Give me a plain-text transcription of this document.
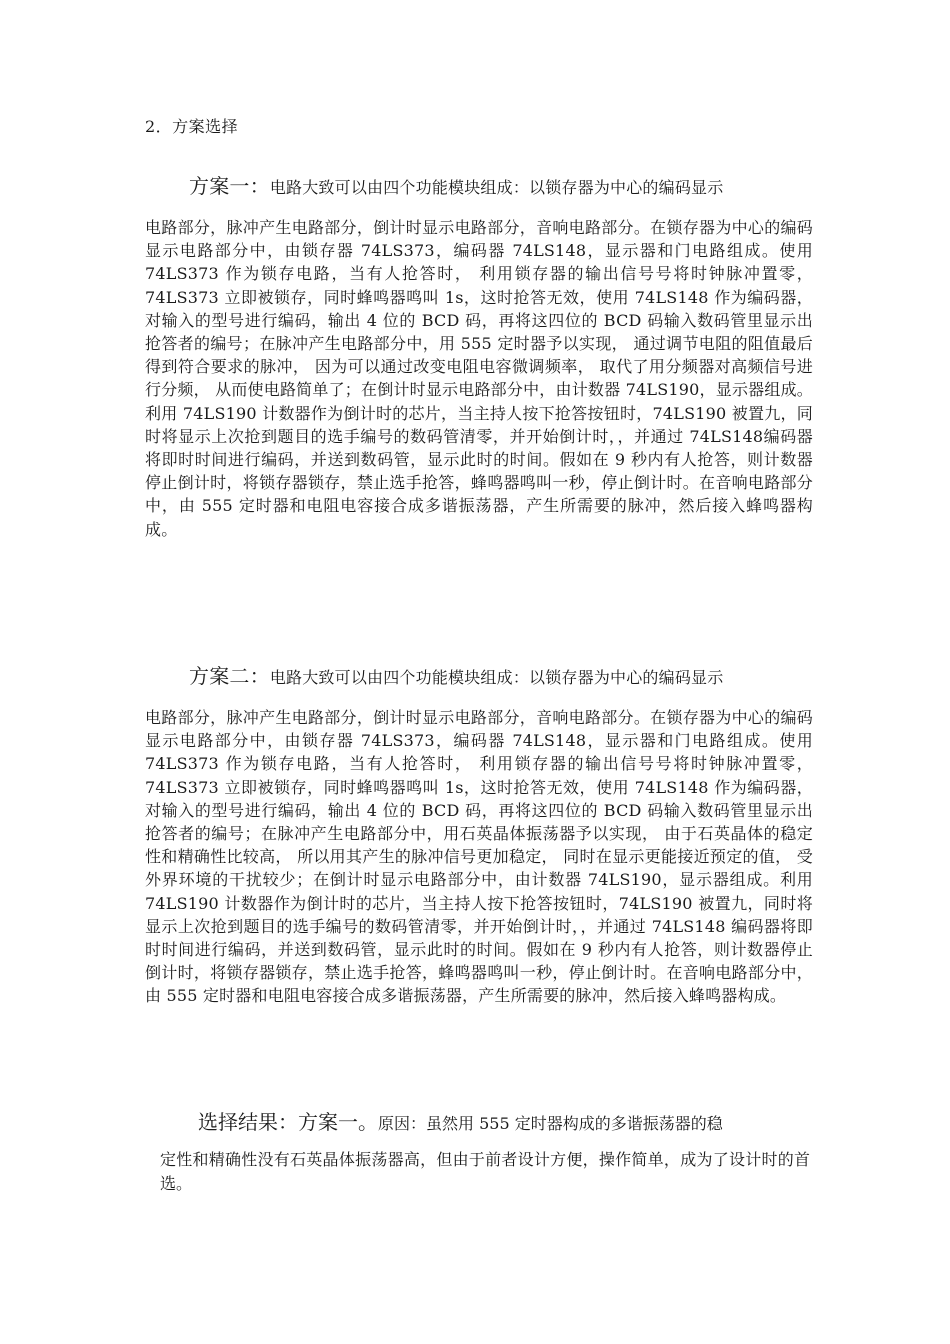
2．方案选择
方案一：电路大致可以由四个功能模块组成：以锁存器为中心的编码显示
电路部分，脉冲产生电路部分，倒计时显示电路部分，音响电路部分。在锁存器为中心的编码显示电路部分中，由锁存器 74LS373，编码器 74LS148，显示器和门电路组成。使用 74LS373 作为锁存电路，当有人抢答时， 利用锁存器的输出信号号将时钟脉冲置零，74LS373 立即被锁存，同时蜂鸣器鸣叫 1s，这时抢答无效，使用 74LS148 作为编码器，对输入的型号进行编码，输出 4 位的 BCD 码，再将这四位的 BCD 码输入数码管里显示出抢答者的编号；在脉冲产生电路部分中，用 555 定时器予以实现， 通过调节电阻的阻值最后得到符合要求的脉冲， 因为可以通过改变电阻电容微调频率， 取代了用分频器对高频信号进行分频， 从而使电路简单了；在倒计时显示电路部分中，由计数器 74LS190，显示器组成。利用 74LS190 计数器作为倒计时的芯片，当主持人按下抢答按钮时，74LS190 被置九，同时将显示上次抢到题目的选手编号的数码管清零，并开始倒计时，，并通过 74LS148编码器将即时时间进行编码，并送到数码管，显示此时的时间。假如在 9 秒内有人抢答，则计数器停止倒计时，将锁存器锁存，禁止选手抢答，蜂鸣器鸣叫一秒，停止倒计时。在音响电路部分中，由 555 定时器和电阻电容接合成多谐振荡器，产生所需要的脉冲，然后接入蜂鸣器构成。
方案二：电路大致可以由四个功能模块组成：以锁存器为中心的编码显示
电路部分，脉冲产生电路部分，倒计时显示电路部分，音响电路部分。在锁存器为中心的编码显示电路部分中，由锁存器 74LS373，编码器 74LS148，显示器和门电路组成。使用 74LS373 作为锁存电路，当有人抢答时， 利用锁存器的输出信号号将时钟脉冲置零，74LS373 立即被锁存，同时蜂鸣器鸣叫 1s，这时抢答无效，使用 74LS148 作为编码器，对输入的型号进行编码，输出 4 位的 BCD 码，再将这四位的 BCD 码输入数码管里显示出抢答者的编号；在脉冲产生电路部分中，用石英晶体振荡器予以实现， 由于石英晶体的稳定性和精确性比较高， 所以用其产生的脉冲信号更加稳定， 同时在显示更能接近预定的值， 受外界环境的干扰较少；在倒计时显示电路部分中，由计数器 74LS190，显示器组成。利用 74LS190 计数器作为倒计时的芯片，当主持人按下抢答按钮时，74LS190 被置九，同时将显示上次抢到题目的选手编号的数码管清零，并开始倒计时，，并通过 74LS148 编码器将即时时间进行编码，并送到数码管，显示此时的时间。假如在 9 秒内有人抢答，则计数器停止倒计时，将锁存器锁存，禁止选手抢答，蜂鸣器鸣叫一秒，停止倒计时。在音响电路部分中，由 555 定时器和电阻电容接合成多谐振荡器，产生所需要的脉冲，然后接入蜂鸣器构成。
选择结果：方案一。原因：虽然用 555 定时器构成的多谐振荡器的稳
定性和精确性没有石英晶体振荡器高，但由于前者设计方便，操作简单，成为了设计时的首选。
